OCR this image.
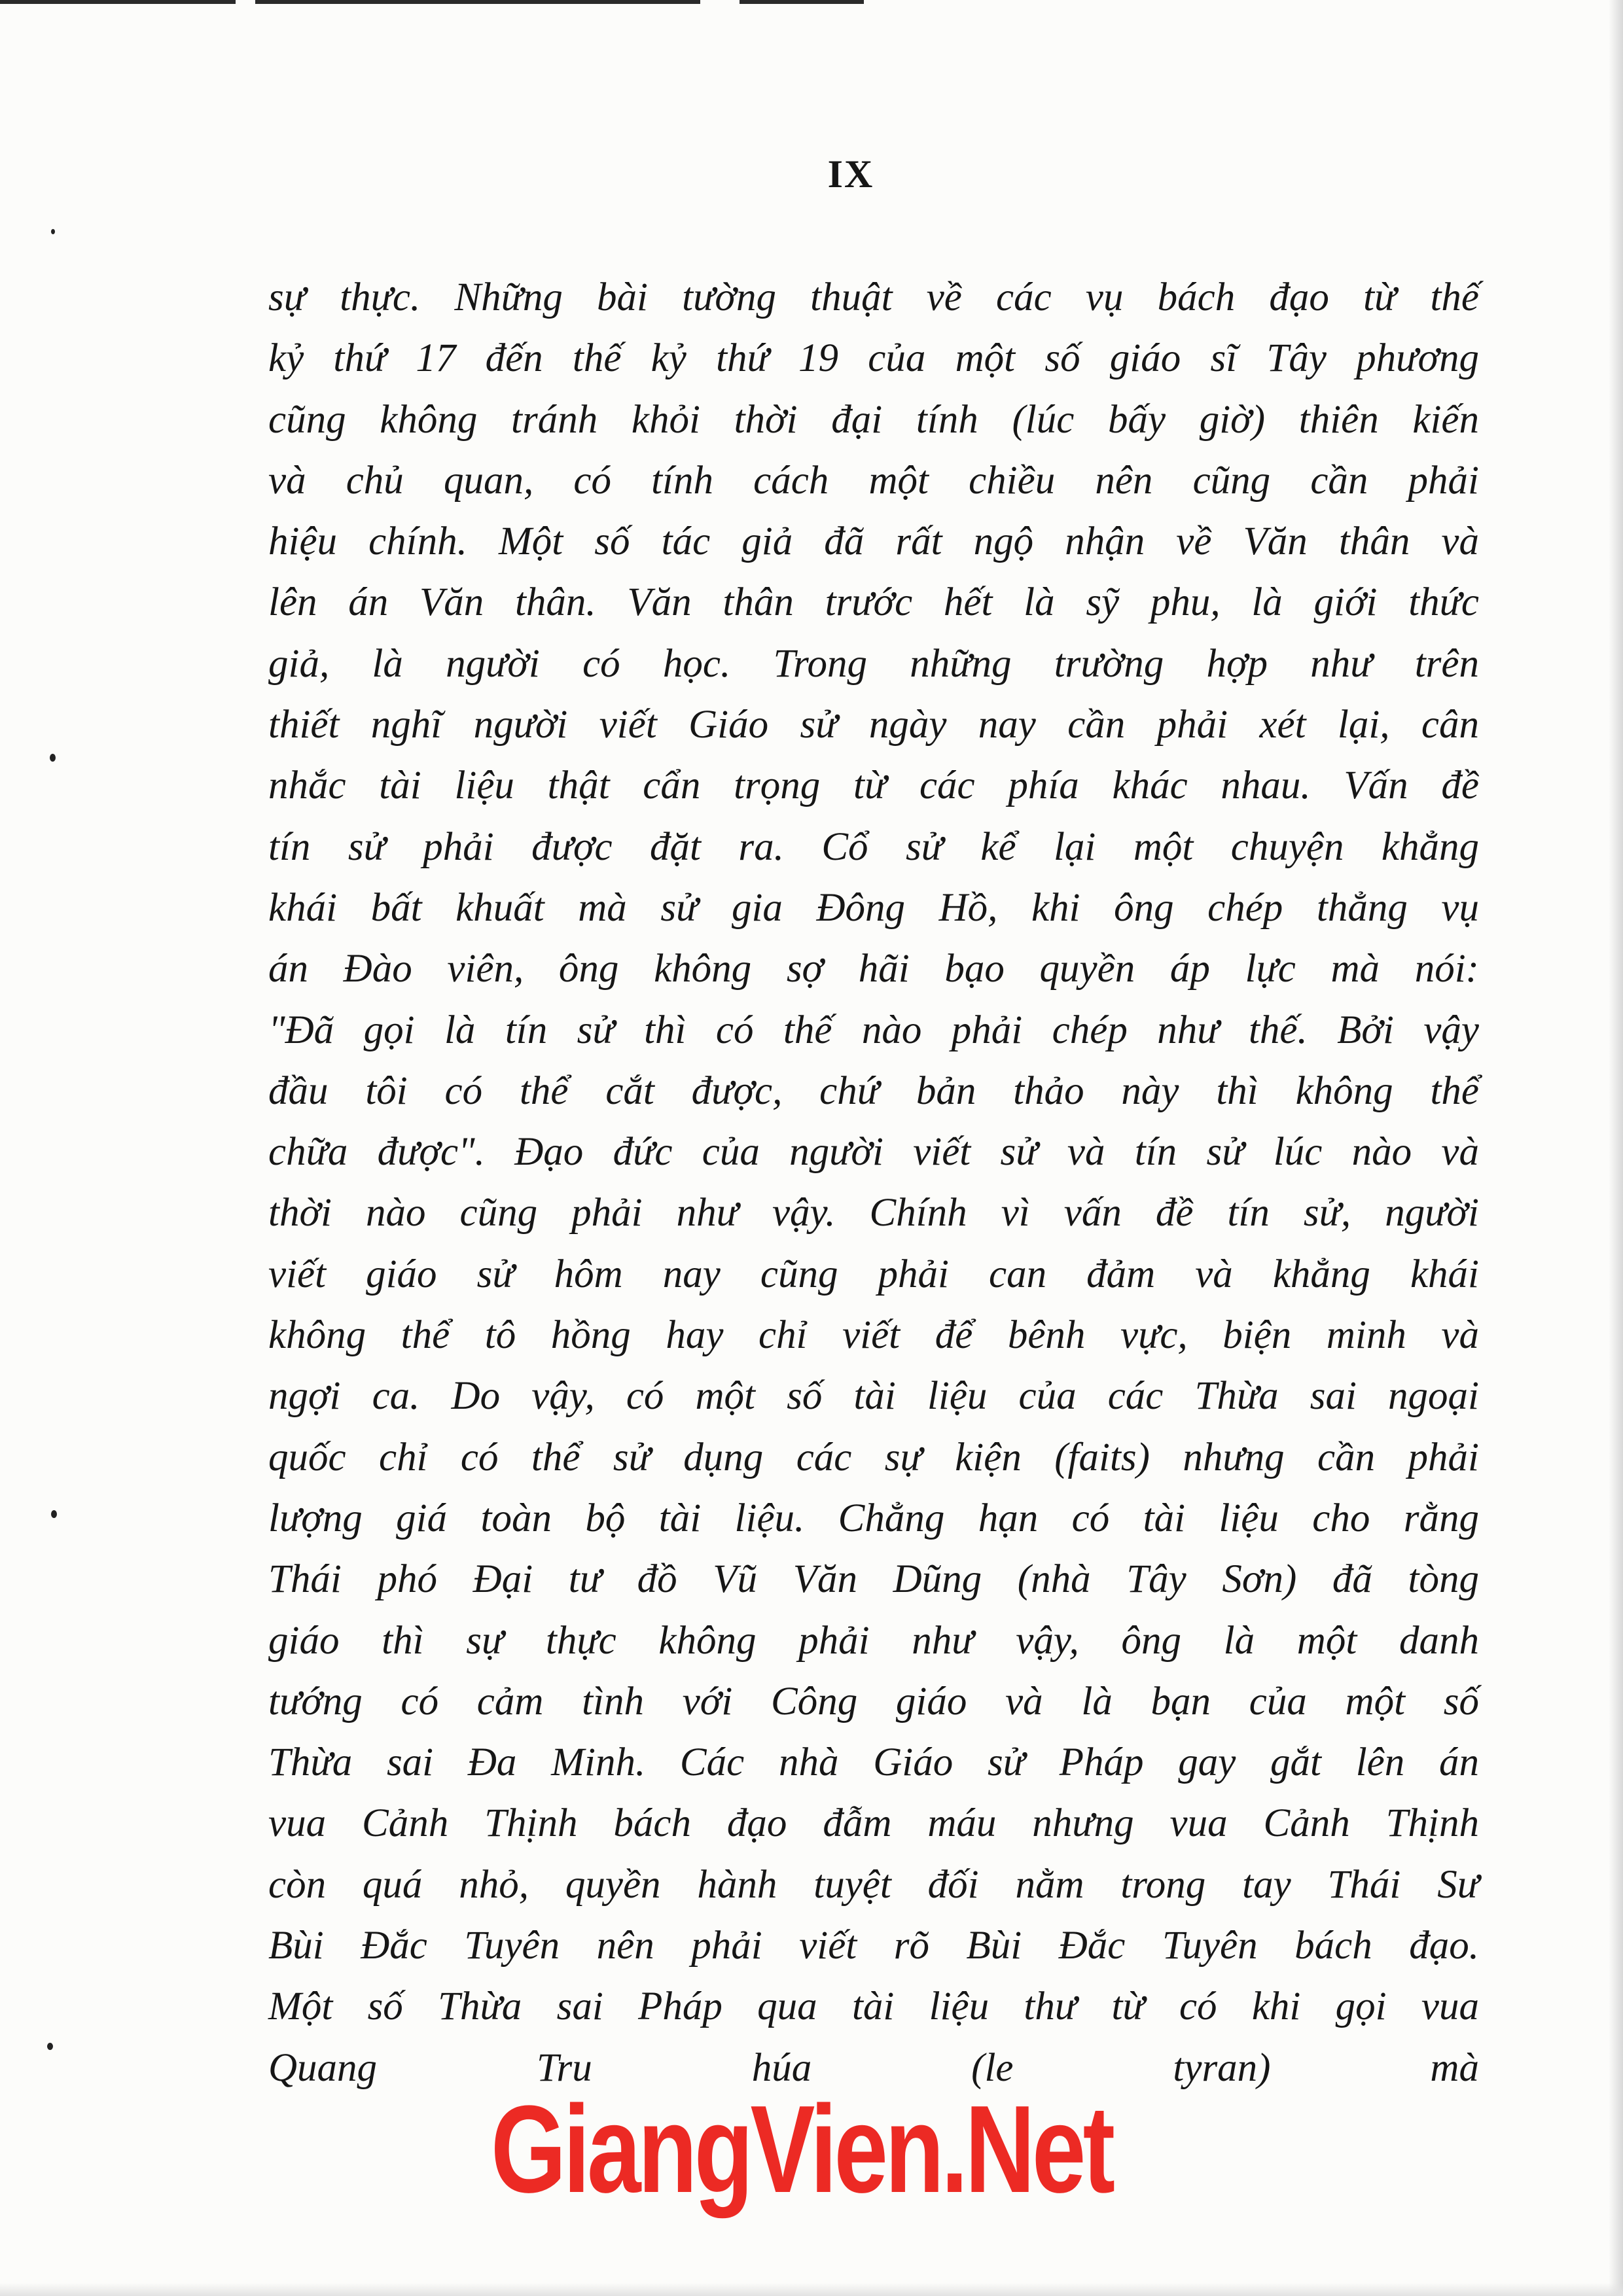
IX
sự thực. Những bài tường thuật về các vụ bách đạo từ thế
kỷ thứ 17 đến thế kỷ thứ 19 của một số giáo sĩ Tây phương
cũng không tránh khỏi thời đại tính (lúc bấy giờ) thiên kiến
và chủ quan, có tính cách một chiều nên cũng cần phải
hiệu chính. Một số tác giả đã rất ngộ nhận về Văn thân và
lên án Văn thân. Văn thân trước hết là sỹ phu, là giới thức
giả, là người có học. Trong những trường hợp như trên
thiết nghĩ người viết Giáo sử ngày nay cần phải xét lại, cân
nhắc tài liệu thật cẩn trọng từ các phía khác nhau. Vấn đề
tín sử phải được đặt ra. Cổ sử kể lại một chuyện khẳng
khái bất khuất mà sử gia Đông Hồ, khi ông chép thẳng vụ
án Đào viên, ông không sợ hãi bạo quyền áp lực mà nói:
"Đã gọi là tín sử thì có thế nào phải chép như thế. Bởi vậy
đầu tôi có thể cắt được, chứ bản thảo này thì không thể
chữa được". Đạo đức của người viết sử và tín sử lúc nào và
thời nào cũng phải như vậy. Chính vì vấn đề tín sử, người
viết giáo sử hôm nay cũng phải can đảm và khẳng khái
không thể tô hồng hay chỉ viết để bênh vực, biện minh và
ngợi ca. Do vậy, có một số tài liệu của các Thừa sai ngoại
quốc chỉ có thể sử dụng các sự kiện (faits) nhưng cần phải
lượng giá toàn bộ tài liệu. Chẳng hạn có tài liệu cho rằng
Thái phó Đại tư đồ Vũ Văn Dũng (nhà Tây Sơn) đã tòng
giáo thì sự thực không phải như vậy, ông là một danh
tướng có cảm tình với Công giáo và là bạn của một số
Thừa sai Đa Minh. Các nhà Giáo sử Pháp gay gắt lên án
vua Cảnh Thịnh bách đạo đẫm máu nhưng vua Cảnh Thịnh
còn quá nhỏ, quyền hành tuyệt đối nằm trong tay Thái Sư
Bùi Đắc Tuyên nên phải viết rõ Bùi Đắc Tuyên bách đạo.
Một số Thừa sai Pháp qua tài liệu thư từ có khi gọi vua
Quang Tru húa (le tyran) mà
GiangVien.Net
